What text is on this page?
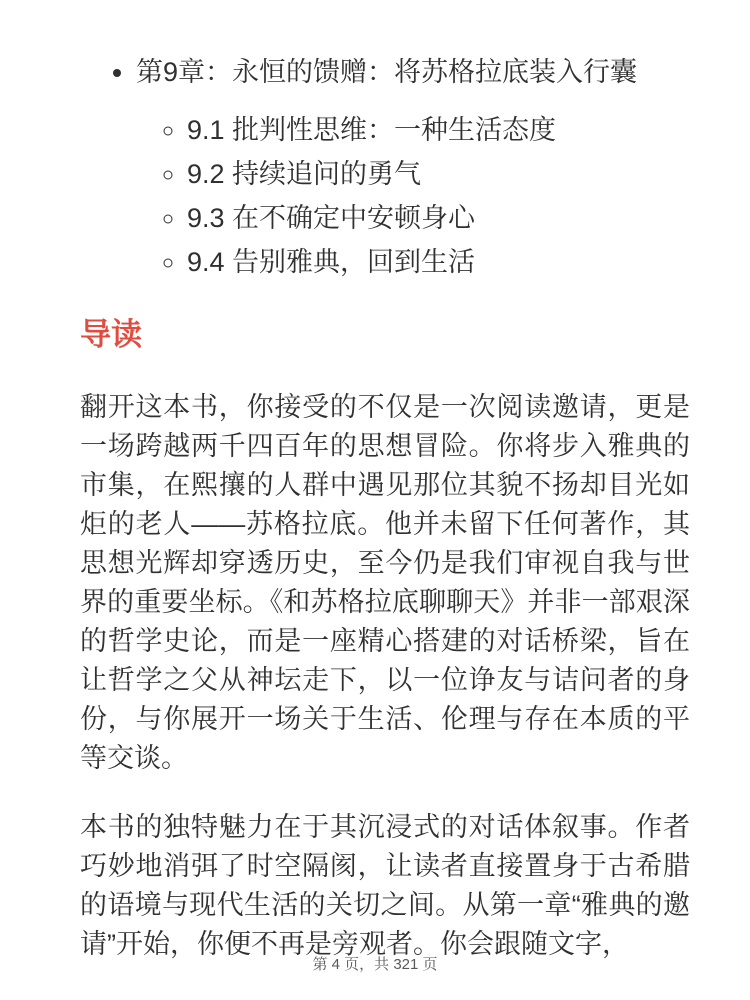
• 第9章：永恒的馈赠：将苏格拉底装入行囊
◦ 9.1 批判性思维：一种生活态度
◦ 9.2 持续追问的勇气
◦ 9.3 在不确定中安顿身心
◦ 9.4 告别雅典，回到生活
导读

翻开这本书，你接受的不仅是一次阅读邀请，更是一场跨越两千四百年的思想冒险。你将步入雅典的市集，在熙攘的人群中遇见那位其貌不扬却目光如炬的老人——苏格拉底。他并未留下任何著作，其思想光辉却穿透历史，至今仍是我们审视自我与世界的重要坐标。《和苏格拉底聊聊天》并非一部艰深的哲学史论，而是一座精心搭建的对话桥梁，旨在让哲学之父从神坛走下，以一位诤友与诘问者的身份，与你展开一场关于生活、伦理与存在本质的平等交谈。

本书的独特魅力在于其沉浸式的对话体叙事。作者巧妙地消弭了时空隔阂，让读者直接置身于古希腊的语境与现代生活的关切之间。从第一章“雅典的邀请”开始，你便不再是旁观者。你会跟随文字，

第 4 页，共 321 页
